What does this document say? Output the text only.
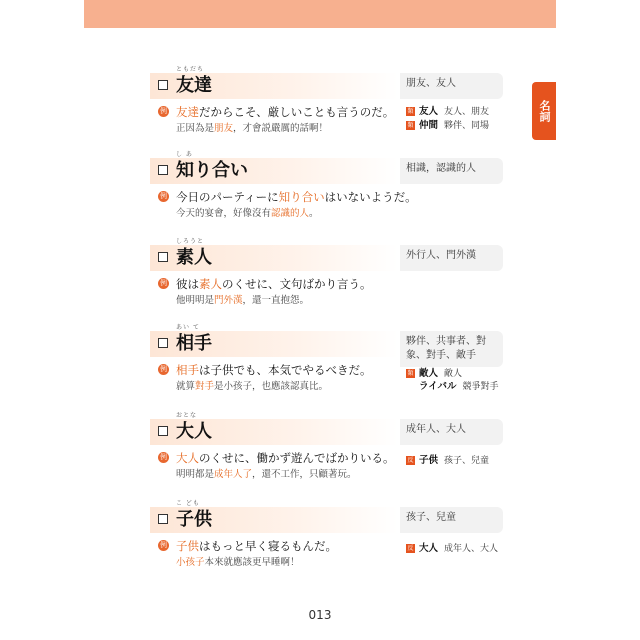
名詞
ともだち
友達	朋友、友人
例 友達だからこそ、厳しいことも言うのだ。
正因為是朋友，才會説嚴厲的話啊！
類 友人 友人、朋友
類 仲間 夥伴、同場
し あ
知り合い	相識，認識的人
例 今日のパーティーに知り合いはいないようだ。
今天的宴會，好像沒有認識的人。
しろうと
素人	外行人、門外漢
例 彼は素人のくせに、文句ばかり言う。
他明明是門外漢，還一直抱怨。
あい て
相手	夥伴、共事者、對象、對手、敵手
例 相手は子供でも、本気でやるべきだ。
就算對手是小孩子，也應該認真比。
類 敵人 敵人
ライバル 競爭對手
おとな
大人	成年人、大人
例 大人のくせに、働かず遊んでばかりいる。
明明都是成年人了，還不工作，只顧著玩。
反 子供 孩子、兒童
こ ども
子供	孩子、兒童
例 子供はもっと早く寝るもんだ。
小孩子本來就應該更早睡啊！
反 大人 成年人、大人
013
